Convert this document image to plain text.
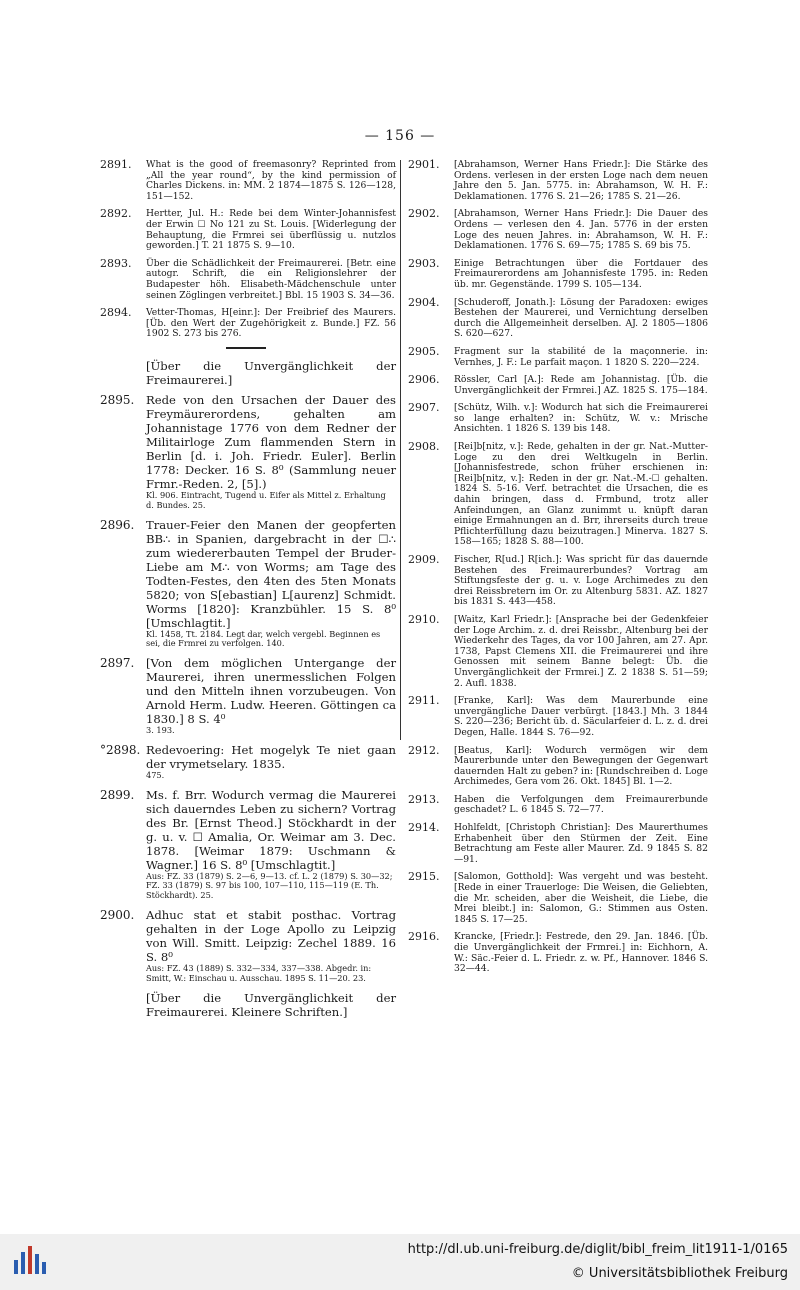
— 156 —
2891.	What is the good of freemasonry? Reprinted from „All the year round“, by the kind permission of Charles Dickens. in: MM. 2 1874—1875 S. 126—128, 151—152.
2892.	Hertter, Jul. H.: Rede bei dem Winter-Johannisfest der Erwin ☐ No 121 zu St. Louis. [Widerlegung der Behauptung, die Frmrei sei überflüssig u. nutzlos geworden.] T. 21 1875 S. 9—10.
2893.	Über die Schädlichkeit der Freimaurerei. [Betr. eine autogr. Schrift, die ein Religionslehrer der Budapester höh. Elisabeth-Mädchenschule unter seinen Zöglingen verbreitet.] Bbl. 15 1903 S. 34—36.
2894.	Vetter-Thomas, H[einr.]: Der Freibrief des Maurers. [Üb. den Wert der Zugehörigkeit z. Bunde.] FZ. 56 1902 S. 273 bis 276.
[Über die Unvergänglichkeit der Freimaurerei.]
2895.	Rede von den Ursachen der Dauer des Freymäurerordens, gehalten am Johannistage 1776 von dem Redner der Militairloge Zum flammenden Stern in Berlin [d. i. Joh. Friedr. Euler]. Berlin 1778: Decker. 16 S. 8⁰ (Sammlung neuer Frmr.-Reden. 2, [5].)
Kl. 906. Eintracht, Tugend u. Eifer als Mittel z. Erhaltung d. Bundes. 25.
2896.	Trauer-Feier den Manen der geopferten BB∴ in Spanien, dargebracht in der ☐∴ zum wiedererbauten Tempel der Bruder-Liebe am M∴ von Worms; am Tage des Todten-Festes, den 4ten des 5ten Monats 5820; von S[ebastian] L[aurenz] Schmidt. Worms [1820]: Kranzbühler. 15 S. 8⁰ [Umschlagtit.]
Kl. 1458, Tt. 2184. Legt dar, welch vergebl. Beginnen es sei, die Frmrei zu verfolgen. 140.
2897.	[Von dem möglichen Untergange der Maurerei, ihren unermesslichen Folgen und den Mitteln ihnen vorzubeugen. Von Arnold Herm. Ludw. Heeren. Göttingen ca 1830.] 8 S. 4⁰
3. 193.
°2898. Redevoering: Het mogelyk Te niet gaan der vrymetselary. 1835.
475.
2899.	Ms. f. Brr. Wodurch vermag die Maurerei sich dauerndes Leben zu sichern? Vortrag des Br. [Ernst Theod.] Stöckhardt in der g. u. v. ☐ Amalia, Or. Weimar am 3. Dec. 1878. [Weimar 1879: Uschmann & Wagner.] 16 S. 8⁰ [Umschlagtit.]
Aus: FZ. 33 (1879) S. 2—6, 9—13. cf. L. 2 (1879) S. 30—32; FZ. 33 (1879) S. 97 bis 100, 107—110, 115—119 (E. Th. Stöckhardt). 25.
2900.	Adhuc stat et stabit posthac. Vortrag gehalten in der Loge Apollo zu Leipzig von Will. Smitt. Leipzig: Zechel 1889. 16 S. 8⁰
Aus: FZ. 43 (1889) S. 332—334, 337—338. Abgedr. in: Smitt, W.: Einschau u. Ausschau. 1895 S. 11—20. 23.
[Über die Unvergänglichkeit der Freimaurerei. Kleinere Schriften.]
2901.	[Abrahamson, Werner Hans Friedr.]: Die Stärke des Ordens. verlesen in der ersten Loge nach dem neuen Jahre den 5. Jan. 5775. in: Abrahamson, W. H. F.: Deklamationen. 1776 S. 21—26; 1785 S. 21—26.
2902.	[Abrahamson, Werner Hans Friedr.]: Die Dauer des Ordens — verlesen den 4. Jan. 5776 in der ersten Loge des neuen Jahres. in: Abrahamson, W. H. F.: Deklamationen. 1776 S. 69—75; 1785 S. 69 bis 75.
2903.	Einige Betrachtungen über die Fortdauer des Freimaurerordens am Johannisfeste 1795. in: Reden üb. mr. Gegenstände. 1799 S. 105—134.
2904.	[Schuderoff, Jonath.]: Lösung der Paradoxen: ewiges Bestehen der Maurerei, und Vernichtung derselben durch die Allgemeinheit derselben. AJ. 2 1805—1806 S. 620—627.
2905.	Fragment sur la stabilité de la maçonnerie. in: Vernhes, J. F.: Le parfait maçon. 1 1820 S. 220—224.
2906.	Rössler, Carl [A.]: Rede am Johannistag. [Üb. die Unvergänglichkeit der Frmrei.] AZ. 1825 S. 175—184.
2907.	[Schütz, Wilh. v.]: Wodurch hat sich die Freimaurerei so lange erhalten? in: Schütz, W. v.: Mrische Ansichten. 1 1826 S. 139 bis 148.
2908.	[Rei]b[nitz, v.]: Rede, gehalten in der gr. Nat.-Mutter-Loge zu den drei Weltkugeln in Berlin. [Johannisfestrede, schon früher erschienen in: [Rei]b[nitz, v.]: Reden in der gr. Nat.-M.-☐ gehalten. 1824 S. 5-16. Verf. betrachtet die Ursachen, die es dahin bringen, dass d. Frmbund, trotz aller Anfeindungen, an Glanz zunimmt u. knüpft daran einige Ermahnungen an d. Brr, ihrerseits durch treue Pflichterfüllung dazu beizutragen.] Minerva. 1827 S. 158—165; 1828 S. 88—100.
2909.	Fischer, R[ud.] R[ich.]: Was spricht für das dauernde Bestehen des Freimaurerbundes? Vortrag am Stiftungsfeste der g. u. v. Loge Archimedes zu den drei Reissbretern im Or. zu Altenburg 5831. AZ. 1827 bis 1831 S. 443—458.
2910.	[Waitz, Karl Friedr.]: [Ansprache bei der Gedenkfeier der Loge Archim. z. d. drei Reissbr., Altenburg bei der Wiederkehr des Tages, da vor 100 Jahren, am 27. Apr. 1738, Papst Clemens XII. die Freimaurerei und ihre Genossen mit seinem Banne belegt: Üb. die Unvergänglichkeit der Frmrei.] Z. 2 1838 S. 51—59; 2. Aufl. 1838.
2911.	[Franke, Karl]: Was dem Maurerbunde eine unvergängliche Dauer verbürgt. [1843.] Mh. 3 1844 S. 220—236; Bericht üb. d. Säcularfeier d. L. z. d. drei Degen, Halle. 1844 S. 76—92.
2912.	[Beatus, Karl]: Wodurch vermögen wir dem Maurerbunde unter den Bewegungen der Gegenwart dauernden Halt zu geben? in: [Rundschreiben d. Loge Archimedes, Gera vom 26. Okt. 1845] Bl. 1—2.
2913.	Haben die Verfolgungen dem Freimaurerbunde geschadet? L. 6 1845 S. 72—77.
2914.	Hohlfeldt, [Christoph Christian]: Des Maurerthumes Erhabenheit über den Stürmen der Zeit. Eine Betrachtung am Feste aller Maurer. Zd. 9 1845 S. 82—91.
2915.	[Salomon, Gotthold]: Was vergeht und was besteht. [Rede in einer Trauerloge: Die Weisen, die Geliebten, die Mr. scheiden, aber die Weisheit, die Liebe, die Mrei bleibt.] in: Salomon, G.: Stimmen aus Osten. 1845 S. 17—25.
2916.	Krancke, [Friedr.]: Festrede, den 29. Jan. 1846. [Üb. die Unvergänglichkeit der Frmrei.] in: Eichhorn, A. W.: Säc.-Feier d. L. Friedr. z. w. Pf., Hannover. 1846 S. 32—44.
http://dl.ub.uni-freiburg.de/diglit/bibl_freim_lit1911-1/0165
© Universitätsbibliothek Freiburg
